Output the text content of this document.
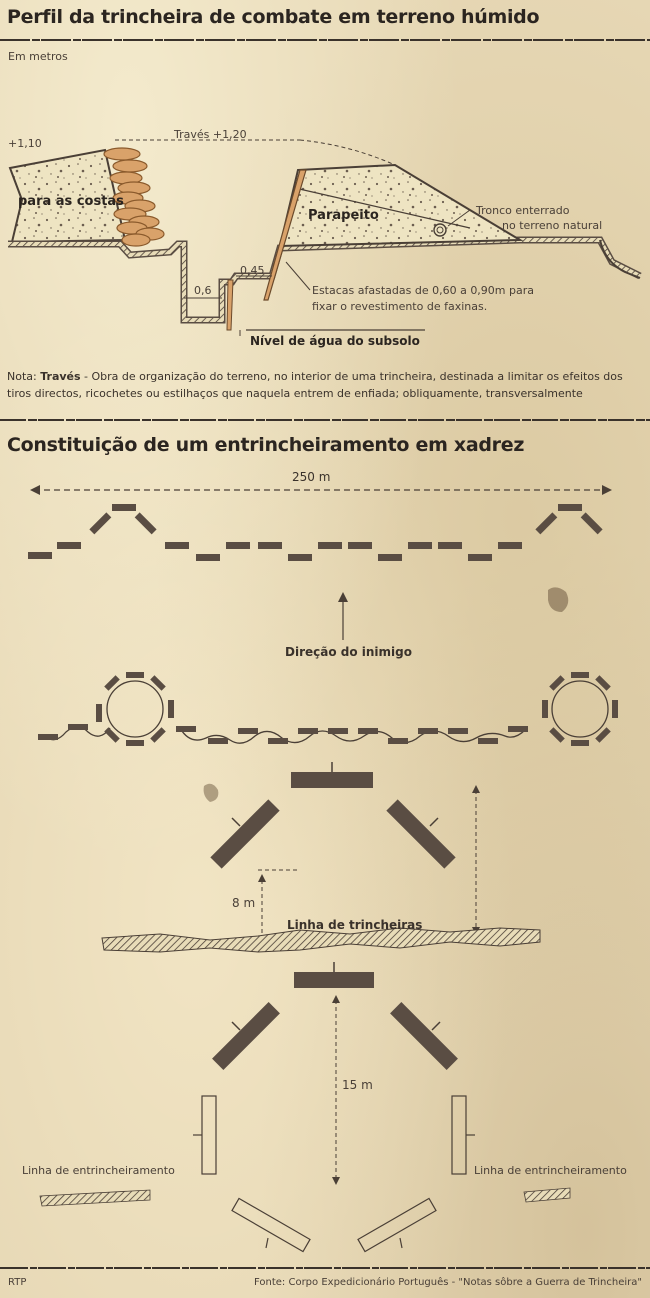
Perfil da trincheira de combate em terreno húmido
Em metros
+1,10
Través +1,20
para as costas
Parapeito	Tronco enterrado
no terreno natural
0,6
0,45
Estacas afastadas de 0,60 a 0,90m para
fixar o revestimento de faxinas.
Nível de água do subsolo
Nota: Través - Obra de organização do terreno, no interior de uma trincheira, destinada a limitar os efeitos dos tiros directos, ricochetes ou estilhaços que naquela entrem de enfiada; obliquamente, transversalmente
Constituição de um entrincheiramento em xadrez
250 m
Direção do inimigo
8 m
Linha de trincheiras
15 m
Linha de entrincheiramento	Linha de entrincheiramento
RTP	Fonte: Corpo Expedicionário Português - "Notas sôbre a Guerra de Trincheira"
